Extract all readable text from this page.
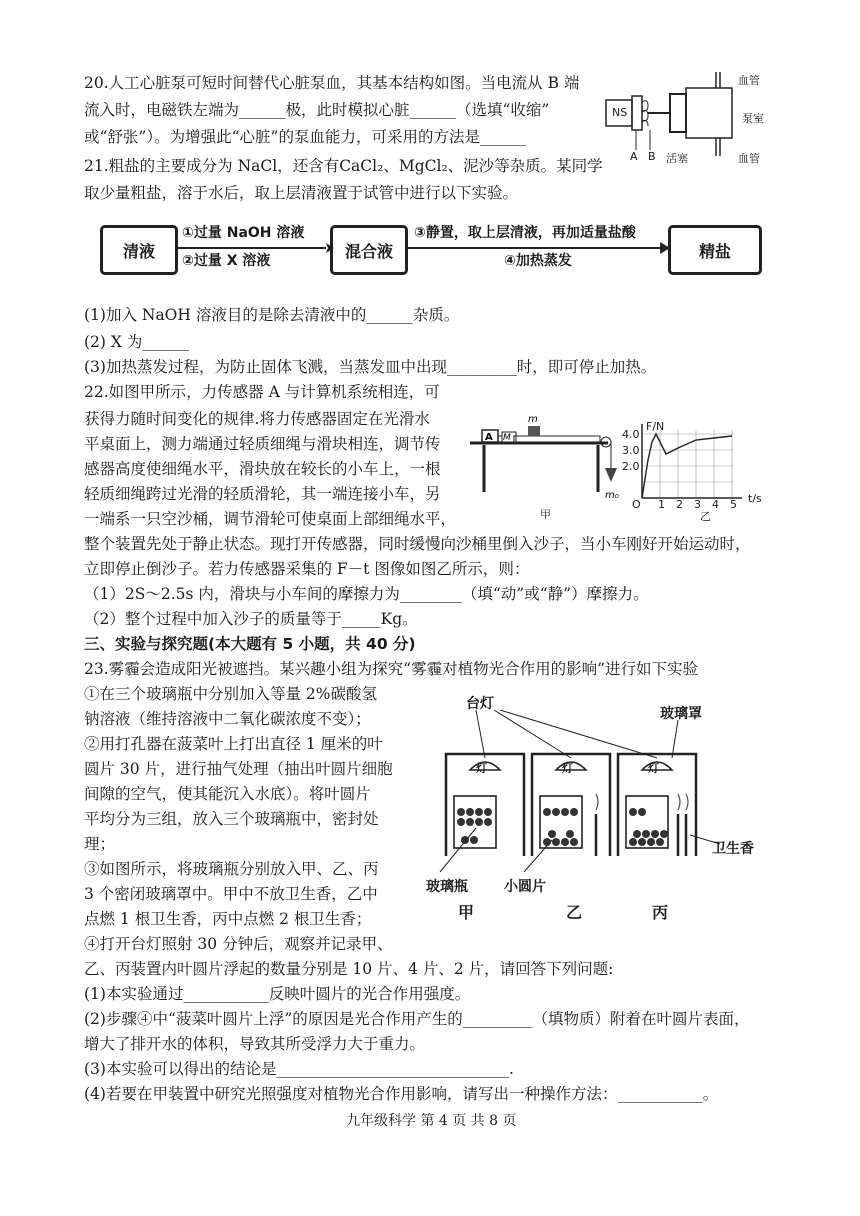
20.人工心脏泵可短时间替代心脏泵血，其基本结构如图。当电流从 B 端
流入时，电磁铁左端为______极，此时模拟心脏______（选填“收缩”
或“舒张”）。为增强此“心脏”的泵血能力，可采用的方法是______
NS
A B 活塞
血管
泵室
血管
21.粗盐的主要成分为 NaCl，还含有CaCl₂、MgCl₂、泥沙等杂质。某同学
取少量粗盐，溶于水后，取上层清液置于试管中进行以下实验。
清液	混合液	精盐
①过量 NaOH 溶液
②过量 X 溶液
③静置，取上层清液，再加适量盐酸
④加热蒸发
(1)加入 NaOH 溶液目的是除去清液中的______杂质。
(2) X 为______
(3)加热蒸发过程，为防止固体飞溅，当蒸发皿中出现_________时，即可停止加热。
22.如图甲所示，力传感器 A 与计算机系统相连，可
获得力随时间变化的规律.将力传感器固定在光滑水
平桌面上，测力端通过轻质细绳与滑块相连，调节传
感器高度使细绳水平，滑块放在较长的小车上，一根
轻质细绳跨过光滑的轻质滑轮，其一端连接小车，另
一端系一只空沙桶，调节滑轮可使桌面上部细绳水平，
整个装置先处于静止状态。现打开传感器，同时缓慢向沙桶里倒入沙子，当小车刚好开始运动时，
立即停止倒沙子。若力传感器采集的 F－t 图像如图乙所示，则：
A M
m
m₀
甲
4.0
3.0
2.0
F/N
O 1 2 3 4 5 t/s
乙
（1）2S～2.5s 内，滑块与小车间的摩擦力为________（填“动”或“静”）摩擦力。
（2）整个过程中加入沙子的质量等于_____Kg。
三、实验与探究题(本大题有 5 小题，共 40 分)
23.雾霾会造成阳光被遮挡。某兴趣小组为探究“雾霾对植物光合作用的影响”进行如下实验
①在三个玻璃瓶中分别加入等量 2%碳酸氢
钠溶液（维持溶液中二氧化碳浓度不变）；
②用打孔器在菠菜叶上打出直径 1 厘米的叶
圆片 30 片，进行抽气处理（抽出叶圆片细胞
间隙的空气，使其能沉入水底）。将叶圆片
平均分为三组，放入三个玻璃瓶中，密封处
理；
③如图所示，将玻璃瓶分别放入甲、乙、丙
3 个密闭玻璃罩中。甲中不放卫生香，乙中
点燃 1 根卫生香，丙中点燃 2 根卫生香；
④打开台灯照射 30 分钟后，观察并记录甲、
乙、丙装置内叶圆片浮起的数量分别是 10 片、4 片、2 片，请回答下列问题:
台灯
玻璃罩
灯	灯	灯
卫生香
玻璃瓶	小圆片
甲	乙	丙
(1)本实验通过___________反映叶圆片的光合作用强度。
(2)步骤④中“菠菜叶圆片上浮”的原因是光合作用产生的_________（填物质）附着在叶圆片表面，
增大了排开水的体积，导致其所受浮力大于重力。
(3)本实验可以得出的结论是______________________________.
(4)若要在甲装置中研究光照强度对植物光合作用影响，请写出一种操作方法：___________。
九年级科学 第 4 页 共 8 页
